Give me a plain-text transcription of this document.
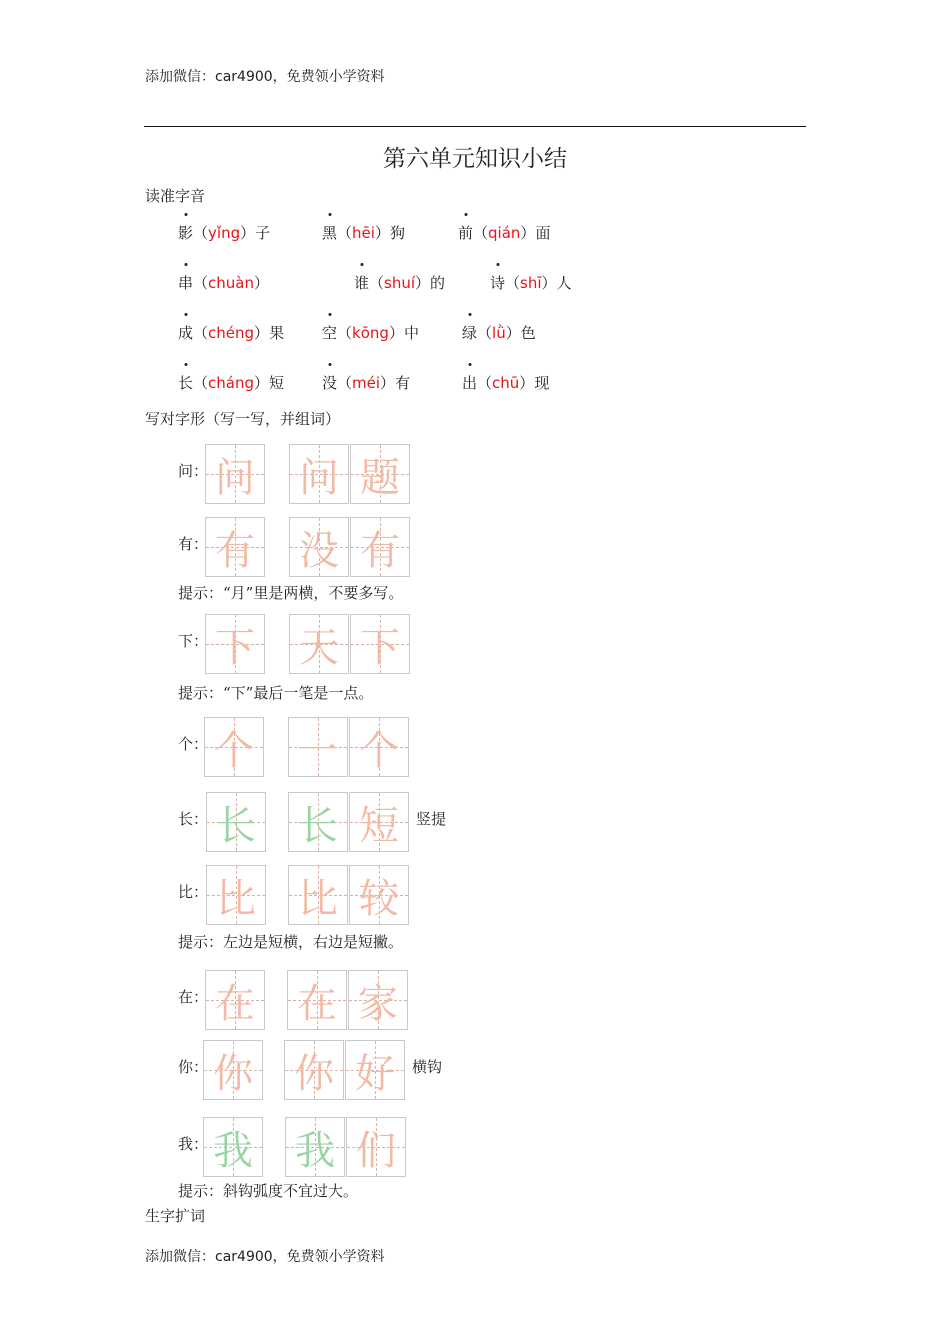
添加微信：car4900，免费领小学资料
第六单元知识小结
读准字音
影（yǐng）子	黑（hēi）狗	前（qián）面
串（chuàn）	谁（shuí）的	诗（shī）人
成（chéng）果	空（kōng）中	绿（lǜ）色
长（cháng）短	没（méi）有	出（chū）现
写对字形（写一写，并组词）
问： 问 问 题
有： 有 没 有
下： 下 天 下
个： 个 一 个
长： 长 长 短	竖提
比： 比 比 较
在： 在 在 家
你： 你 你 好	横钩
我： 我 我 们
提示：“月”里是两横，不要多写。
提示：“下”最后一笔是一点。
提示：左边是短横，右边是短撇。
提示：斜钩弧度不宜过大。
生字扩词
添加微信：car4900，免费领小学资料
